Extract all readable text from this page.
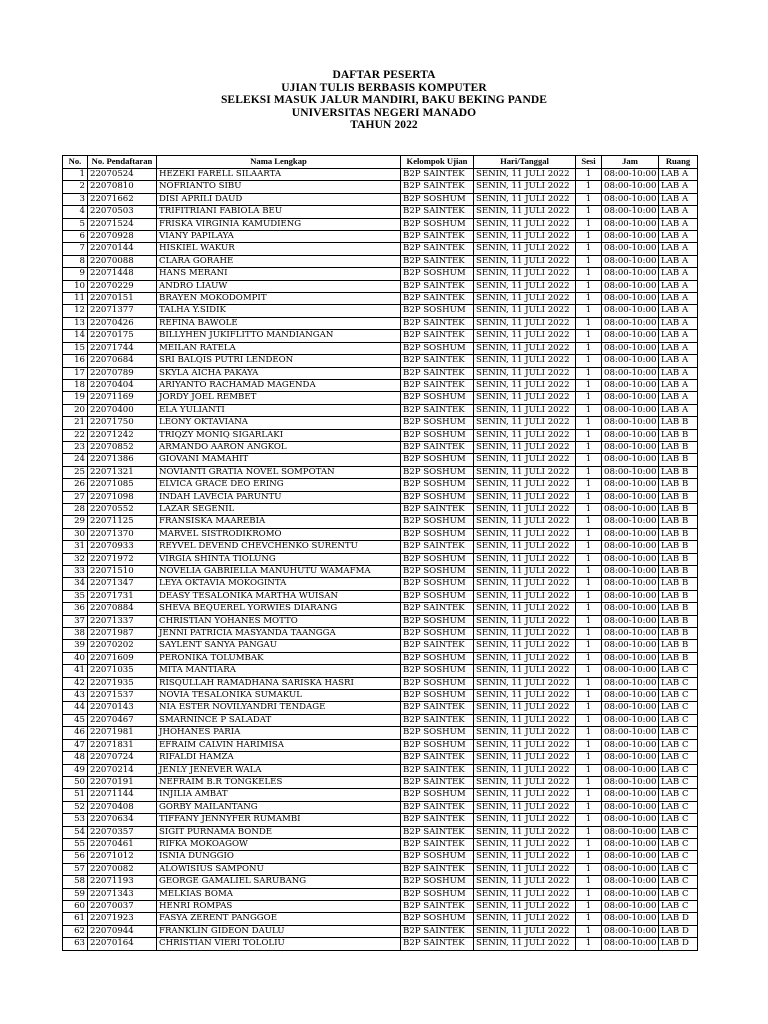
DAFTAR PESERTA
UJIAN TULIS BERBASIS KOMPUTER
SELEKSI MASUK JALUR MANDIRI, BAKU BEKING PANDE
UNIVERSITAS NEGERI MANADO
TAHUN 2022
No.	No. Pendaftaran	Nama Lengkap	Kelompok Ujian	Hari/Tanggal	Sesi	Jam	Ruang
1	22070524	HEZEKI FARELL SILAARTA	B2P SAINTEK	SENIN, 11 JULI 2022	1	08:00-10:00	LAB A
2	22070810	NOFRIANTO SIBU	B2P SAINTEK	SENIN, 11 JULI 2022	1	08:00-10:00	LAB A
3	22071662	DISI APRILI DAUD	B2P SOSHUM	SENIN, 11 JULI 2022	1	08:00-10:00	LAB A
4	22070503	TRIFITRIANI FABIOLA BEU	B2P SAINTEK	SENIN, 11 JULI 2022	1	08:00-10:00	LAB A
5	22071524	FRISKA VIRGINIA KAMUDIENG	B2P SOSHUM	SENIN, 11 JULI 2022	1	08:00-10:00	LAB A
6	22070928	VIANY PAPILAYA	B2P SAINTEK	SENIN, 11 JULI 2022	1	08:00-10:00	LAB A
7	22070144	HISKIEL WAKUR	B2P SAINTEK	SENIN, 11 JULI 2022	1	08:00-10:00	LAB A
8	22070088	CLARA GORAHE	B2P SAINTEK	SENIN, 11 JULI 2022	1	08:00-10:00	LAB A
9	22071448	HANS MERANI	B2P SOSHUM	SENIN, 11 JULI 2022	1	08:00-10:00	LAB A
10	22070229	ANDRO LIAUW	B2P SAINTEK	SENIN, 11 JULI 2022	1	08:00-10:00	LAB A
11	22070151	BRAYEN MOKODOMPIT	B2P SAINTEK	SENIN, 11 JULI 2022	1	08:00-10:00	LAB A
12	22071377	TALHA Y.SIDIK	B2P SOSHUM	SENIN, 11 JULI 2022	1	08:00-10:00	LAB A
13	22070426	REFINA BAWOLE	B2P SAINTEK	SENIN, 11 JULI 2022	1	08:00-10:00	LAB A
14	22070175	BILLYHEN JUKIFLITTO MANDIANGAN	B2P SAINTEK	SENIN, 11 JULI 2022	1	08:00-10:00	LAB A
15	22071744	MEILAN RATELA	B2P SOSHUM	SENIN, 11 JULI 2022	1	08:00-10:00	LAB A
16	22070684	SRI BALQIS PUTRI LENDEON	B2P SAINTEK	SENIN, 11 JULI 2022	1	08:00-10:00	LAB A
17	22070789	SKYLA AICHA PAKAYA	B2P SAINTEK	SENIN, 11 JULI 2022	1	08:00-10:00	LAB A
18	22070404	ARIYANTO RACHAMAD MAGENDA	B2P SAINTEK	SENIN, 11 JULI 2022	1	08:00-10:00	LAB A
19	22071169	JORDY JOEL REMBET	B2P SOSHUM	SENIN, 11 JULI 2022	1	08:00-10:00	LAB A
20	22070400	ELA YULIANTI	B2P SAINTEK	SENIN, 11 JULI 2022	1	08:00-10:00	LAB A
21	22071750	LEONY OKTAVIANA	B2P SOSHUM	SENIN, 11 JULI 2022	1	08:00-10:00	LAB B
22	22071242	TRIQZY MONIQ SIGARLAKI	B2P SOSHUM	SENIN, 11 JULI 2022	1	08:00-10:00	LAB B
23	22070852	ARMANDO AARON ANGKOL	B2P SAINTEK	SENIN, 11 JULI 2022	1	08:00-10:00	LAB B
24	22071386	GIOVANI MAMAHIT	B2P SOSHUM	SENIN, 11 JULI 2022	1	08:00-10:00	LAB B
25	22071321	NOVIANTI GRATIA NOVEL SOMPOTAN	B2P SOSHUM	SENIN, 11 JULI 2022	1	08:00-10:00	LAB B
26	22071085	ELVICA GRACE DEO ERING	B2P SOSHUM	SENIN, 11 JULI 2022	1	08:00-10:00	LAB B
27	22071098	INDAH LAVECIA PARUNTU	B2P SOSHUM	SENIN, 11 JULI 2022	1	08:00-10:00	LAB B
28	22070552	LAZAR SEGENIL	B2P SAINTEK	SENIN, 11 JULI 2022	1	08:00-10:00	LAB B
29	22071125	FRANSISKA MAAREBIA	B2P SOSHUM	SENIN, 11 JULI 2022	1	08:00-10:00	LAB B
30	22071370	MARVEL SISTRODIKROMO	B2P SOSHUM	SENIN, 11 JULI 2022	1	08:00-10:00	LAB B
31	22070933	REYVEL DEVEND CHEVCHENKO SURENTU	B2P SAINTEK	SENIN, 11 JULI 2022	1	08:00-10:00	LAB B
32	22071972	VIRGIA SHINTA TIOLUNG	B2P SOSHUM	SENIN, 11 JULI 2022	1	08:00-10:00	LAB B
33	22071510	NOVELIA GABRIELLA MANUHUTU WAMAFMA	B2P SOSHUM	SENIN, 11 JULI 2022	1	08:00-10:00	LAB B
34	22071347	LEYA OKTAVIA MOKOGINTA	B2P SOSHUM	SENIN, 11 JULI 2022	1	08:00-10:00	LAB B
35	22071731	DEASY TESALONIKA MARTHA WUISAN	B2P SOSHUM	SENIN, 11 JULI 2022	1	08:00-10:00	LAB B
36	22070884	SHEVA BEQUEREL YORWIES DIARANG	B2P SAINTEK	SENIN, 11 JULI 2022	1	08:00-10:00	LAB B
37	22071337	CHRISTIAN YOHANES MOTTO	B2P SOSHUM	SENIN, 11 JULI 2022	1	08:00-10:00	LAB B
38	22071987	JENNI PATRICIA MASYANDA TAANGGA	B2P SOSHUM	SENIN, 11 JULI 2022	1	08:00-10:00	LAB B
39	22070202	SAYLENT SANYA PANGAU	B2P SAINTEK	SENIN, 11 JULI 2022	1	08:00-10:00	LAB B
40	22071609	PERONIKA TOLUMBAK	B2P SOSHUM	SENIN, 11 JULI 2022	1	08:00-10:00	LAB B
41	22071035	MITA MANTIARA	B2P SOSHUM	SENIN, 11 JULI 2022	1	08:00-10:00	LAB C
42	22071935	RISQULLAH RAMADHANA SARISKA HASRI	B2P SOSHUM	SENIN, 11 JULI 2022	1	08:00-10:00	LAB C
43	22071537	NOVIA TESALONIKA SUMAKUL	B2P SOSHUM	SENIN, 11 JULI 2022	1	08:00-10:00	LAB C
44	22070143	NIA ESTER NOVILYANDRI TENDAGE	B2P SAINTEK	SENIN, 11 JULI 2022	1	08:00-10:00	LAB C
45	22070467	SMARNINCE P SALADAT	B2P SAINTEK	SENIN, 11 JULI 2022	1	08:00-10:00	LAB C
46	22071981	JHOHANES PARIA	B2P SOSHUM	SENIN, 11 JULI 2022	1	08:00-10:00	LAB C
47	22071831	EFRAIM CALVIN HARIMISA	B2P SOSHUM	SENIN, 11 JULI 2022	1	08:00-10:00	LAB C
48	22070724	RIFALDI HAMZA	B2P SAINTEK	SENIN, 11 JULI 2022	1	08:00-10:00	LAB C
49	22070214	JENLY JENEVER WALA	B2P SAINTEK	SENIN, 11 JULI 2022	1	08:00-10:00	LAB C
50	22070191	NEFRAIM B.R TONGKELES	B2P SAINTEK	SENIN, 11 JULI 2022	1	08:00-10:00	LAB C
51	22071144	INJILIA AMBAT	B2P SOSHUM	SENIN, 11 JULI 2022	1	08:00-10:00	LAB C
52	22070408	GORBY MAILANTANG	B2P SAINTEK	SENIN, 11 JULI 2022	1	08:00-10:00	LAB C
53	22070634	TIFFANY JENNYFER RUMAMBI	B2P SAINTEK	SENIN, 11 JULI 2022	1	08:00-10:00	LAB C
54	22070357	SIGIT PURNAMA BONDE	B2P SAINTEK	SENIN, 11 JULI 2022	1	08:00-10:00	LAB C
55	22070461	RIFKA MOKOAGOW	B2P SAINTEK	SENIN, 11 JULI 2022	1	08:00-10:00	LAB C
56	22071012	ISNIA DUNGGIO	B2P SOSHUM	SENIN, 11 JULI 2022	1	08:00-10:00	LAB C
57	22070082	ALOWISIUS SAMPONU	B2P SAINTEK	SENIN, 11 JULI 2022	1	08:00-10:00	LAB C
58	22071193	GEORGE GAMALIEL SARUBANG	B2P SOSHUM	SENIN, 11 JULI 2022	1	08:00-10:00	LAB C
59	22071343	MELKIAS BOMA	B2P SOSHUM	SENIN, 11 JULI 2022	1	08:00-10:00	LAB C
60	22070037	HENRI ROMPAS	B2P SAINTEK	SENIN, 11 JULI 2022	1	08:00-10:00	LAB C
61	22071923	FASYA ZERENT PANGGOE	B2P SOSHUM	SENIN, 11 JULI 2022	1	08:00-10:00	LAB D
62	22070944	FRANKLIN GIDEON DAULU	B2P SAINTEK	SENIN, 11 JULI 2022	1	08:00-10:00	LAB D
63	22070164	CHRISTIAN VIERI TOLOLIU	B2P SAINTEK	SENIN, 11 JULI 2022	1	08:00-10:00	LAB D
